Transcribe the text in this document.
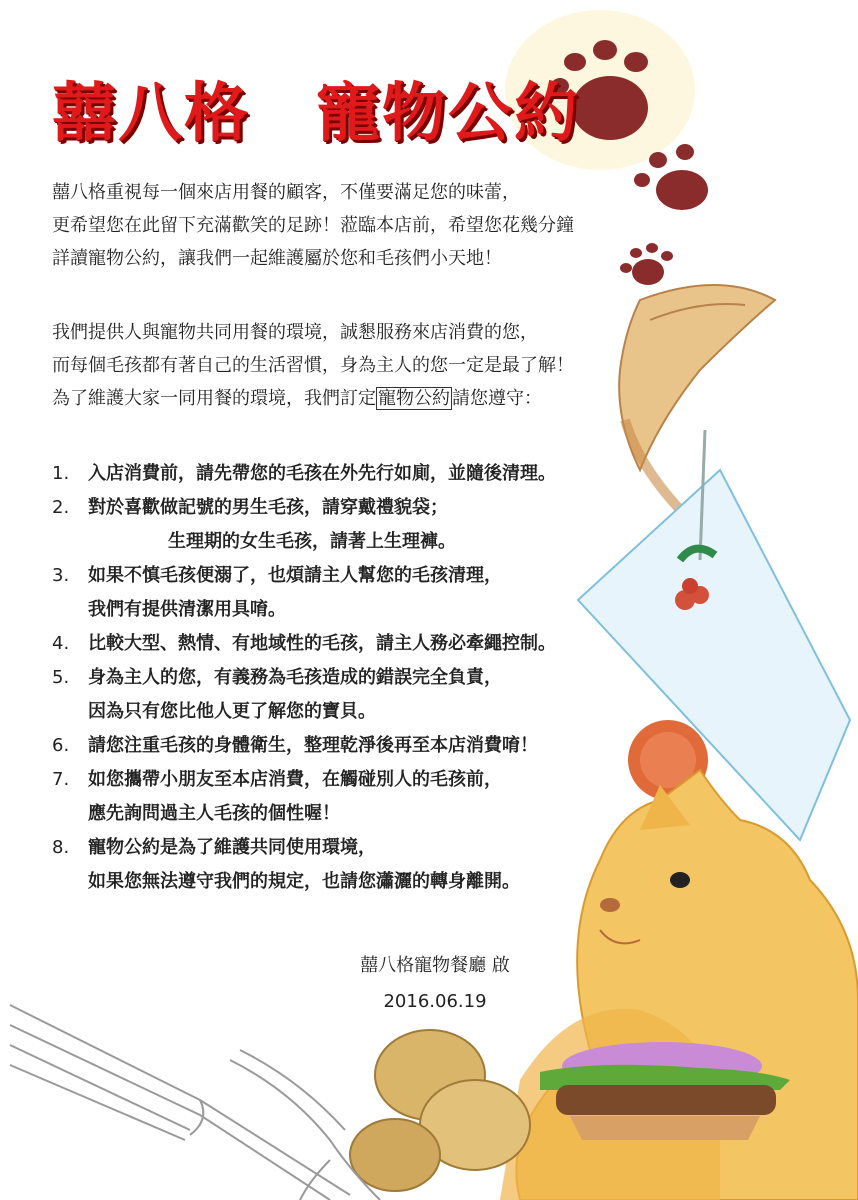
囍八格　寵物公約

囍八格重視每一個來店用餐的顧客，不僅要滿足您的味蕾，
更希望您在此留下充滿歡笑的足跡！蒞臨本店前，希望您花幾分鐘
詳讀寵物公約，讓我們一起維護屬於您和毛孩們小天地！

我們提供人與寵物共同用餐的環境，誠懇服務來店消費的您，
而每個毛孩都有著自己的生活習慣，身為主人的您一定是最了解！
為了維護大家一同用餐的環境，我們訂定 寵物公約 請您遵守：

1. 入店消費前，請先帶您的毛孩在外先行如廁，並隨後清理。
2. 對於喜歡做記號的男生毛孩，請穿戴禮貌袋；
生理期的女生毛孩，請著上生理褲。
3. 如果不慎毛孩便溺了，也煩請主人幫您的毛孩清理，
我們有提供清潔用具唷。
4. 比較大型、熱情、有地域性的毛孩，請主人務必牽繩控制。
5. 身為主人的您，有義務為毛孩造成的錯誤完全負責，
因為只有您比他人更了解您的寶貝。
6. 請您注重毛孩的身體衛生，整理乾淨後再至本店消費唷！
7. 如您攜帶小朋友至本店消費，在觸碰別人的毛孩前，
應先詢問過主人毛孩的個性喔！
8. 寵物公約是為了維護共同使用環境，
如果您無法遵守我們的規定，也請您瀟灑的轉身離開。
囍八格寵物餐廳 啟
2016.06.19
